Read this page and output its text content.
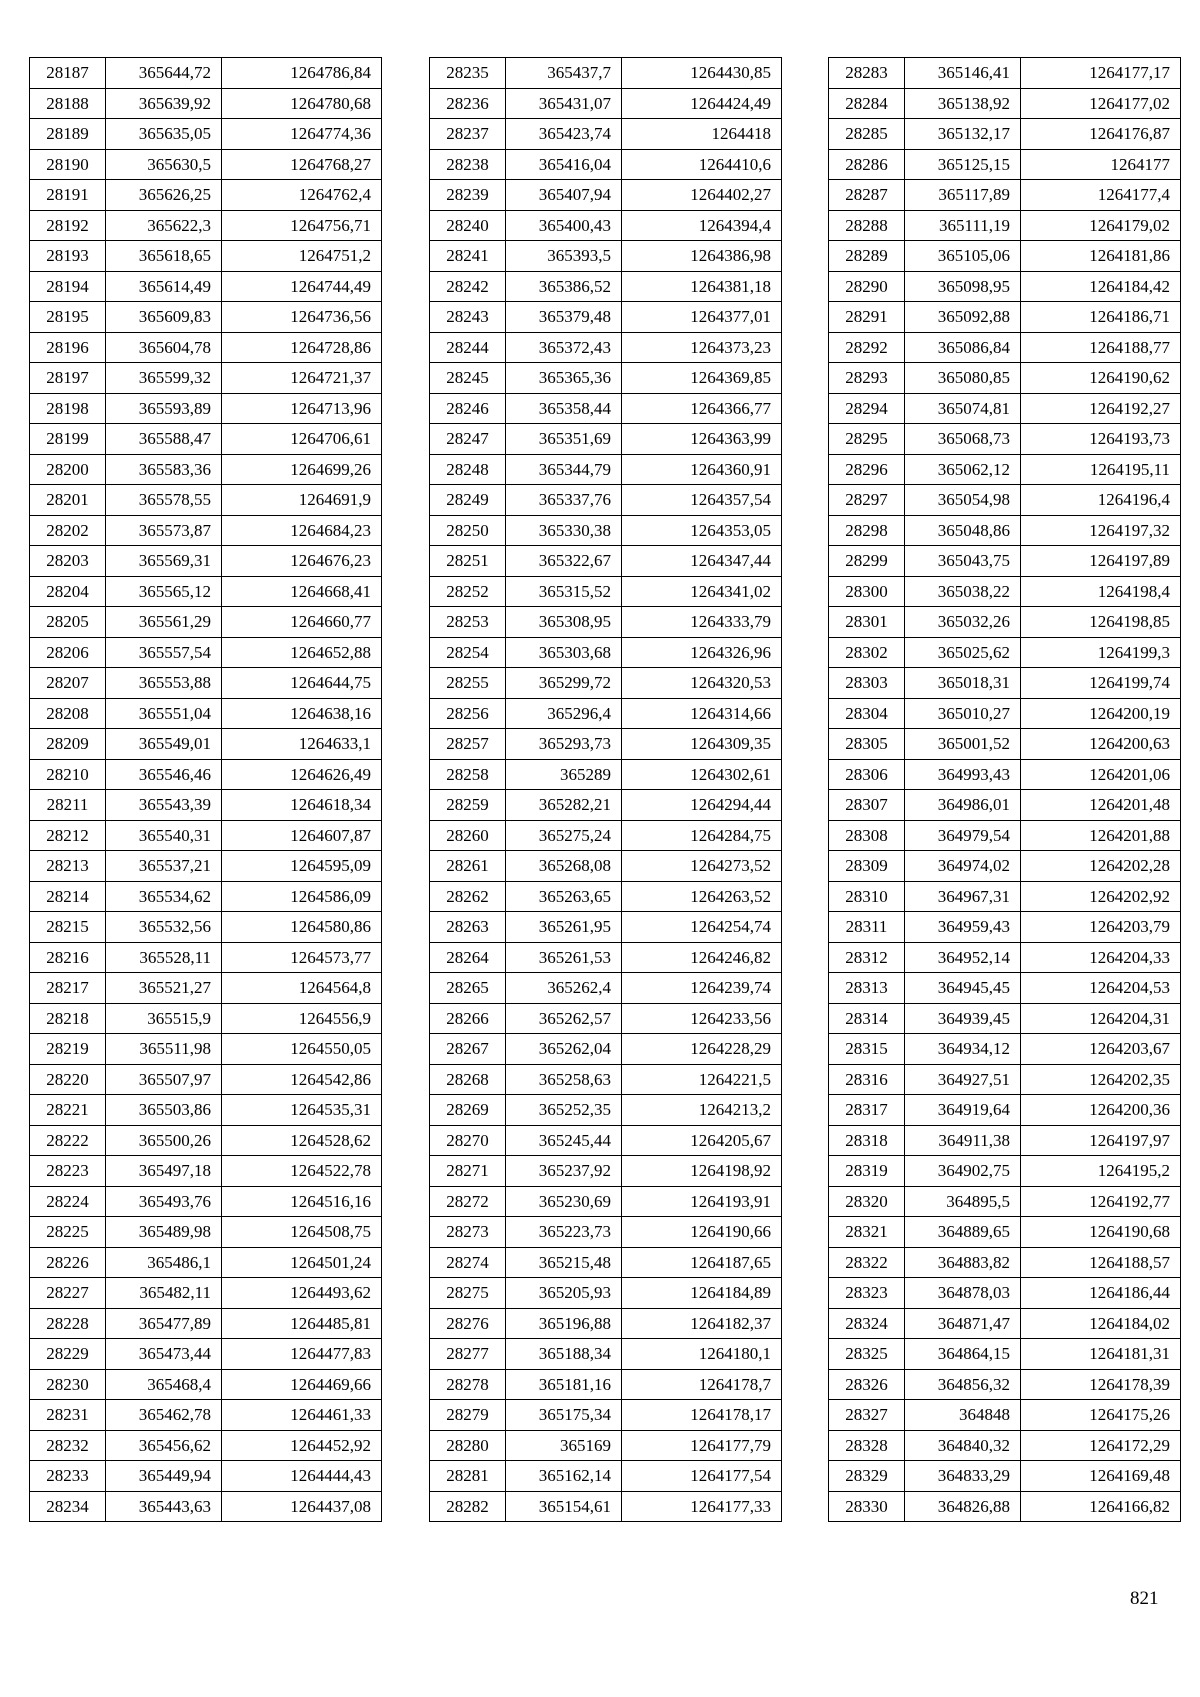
28187	365644,72	1264786,84
28188	365639,92	1264780,68
28189	365635,05	1264774,36
28190	365630,5	1264768,27
28191	365626,25	1264762,4
28192	365622,3	1264756,71
28193	365618,65	1264751,2
28194	365614,49	1264744,49
28195	365609,83	1264736,56
28196	365604,78	1264728,86
28197	365599,32	1264721,37
28198	365593,89	1264713,96
28199	365588,47	1264706,61
28200	365583,36	1264699,26
28201	365578,55	1264691,9
28202	365573,87	1264684,23
28203	365569,31	1264676,23
28204	365565,12	1264668,41
28205	365561,29	1264660,77
28206	365557,54	1264652,88
28207	365553,88	1264644,75
28208	365551,04	1264638,16
28209	365549,01	1264633,1
28210	365546,46	1264626,49
28211	365543,39	1264618,34
28212	365540,31	1264607,87
28213	365537,21	1264595,09
28214	365534,62	1264586,09
28215	365532,56	1264580,86
28216	365528,11	1264573,77
28217	365521,27	1264564,8
28218	365515,9	1264556,9
28219	365511,98	1264550,05
28220	365507,97	1264542,86
28221	365503,86	1264535,31
28222	365500,26	1264528,62
28223	365497,18	1264522,78
28224	365493,76	1264516,16
28225	365489,98	1264508,75
28226	365486,1	1264501,24
28227	365482,11	1264493,62
28228	365477,89	1264485,81
28229	365473,44	1264477,83
28230	365468,4	1264469,66
28231	365462,78	1264461,33
28232	365456,62	1264452,92
28233	365449,94	1264444,43
28234	365443,63	1264437,08
28235	365437,7	1264430,85
28236	365431,07	1264424,49
28237	365423,74	1264418
28238	365416,04	1264410,6
28239	365407,94	1264402,27
28240	365400,43	1264394,4
28241	365393,5	1264386,98
28242	365386,52	1264381,18
28243	365379,48	1264377,01
28244	365372,43	1264373,23
28245	365365,36	1264369,85
28246	365358,44	1264366,77
28247	365351,69	1264363,99
28248	365344,79	1264360,91
28249	365337,76	1264357,54
28250	365330,38	1264353,05
28251	365322,67	1264347,44
28252	365315,52	1264341,02
28253	365308,95	1264333,79
28254	365303,68	1264326,96
28255	365299,72	1264320,53
28256	365296,4	1264314,66
28257	365293,73	1264309,35
28258	365289	1264302,61
28259	365282,21	1264294,44
28260	365275,24	1264284,75
28261	365268,08	1264273,52
28262	365263,65	1264263,52
28263	365261,95	1264254,74
28264	365261,53	1264246,82
28265	365262,4	1264239,74
28266	365262,57	1264233,56
28267	365262,04	1264228,29
28268	365258,63	1264221,5
28269	365252,35	1264213,2
28270	365245,44	1264205,67
28271	365237,92	1264198,92
28272	365230,69	1264193,91
28273	365223,73	1264190,66
28274	365215,48	1264187,65
28275	365205,93	1264184,89
28276	365196,88	1264182,37
28277	365188,34	1264180,1
28278	365181,16	1264178,7
28279	365175,34	1264178,17
28280	365169	1264177,79
28281	365162,14	1264177,54
28282	365154,61	1264177,33
28283	365146,41	1264177,17
28284	365138,92	1264177,02
28285	365132,17	1264176,87
28286	365125,15	1264177
28287	365117,89	1264177,4
28288	365111,19	1264179,02
28289	365105,06	1264181,86
28290	365098,95	1264184,42
28291	365092,88	1264186,71
28292	365086,84	1264188,77
28293	365080,85	1264190,62
28294	365074,81	1264192,27
28295	365068,73	1264193,73
28296	365062,12	1264195,11
28297	365054,98	1264196,4
28298	365048,86	1264197,32
28299	365043,75	1264197,89
28300	365038,22	1264198,4
28301	365032,26	1264198,85
28302	365025,62	1264199,3
28303	365018,31	1264199,74
28304	365010,27	1264200,19
28305	365001,52	1264200,63
28306	364993,43	1264201,06
28307	364986,01	1264201,48
28308	364979,54	1264201,88
28309	364974,02	1264202,28
28310	364967,31	1264202,92
28311	364959,43	1264203,79
28312	364952,14	1264204,33
28313	364945,45	1264204,53
28314	364939,45	1264204,31
28315	364934,12	1264203,67
28316	364927,51	1264202,35
28317	364919,64	1264200,36
28318	364911,38	1264197,97
28319	364902,75	1264195,2
28320	364895,5	1264192,77
28321	364889,65	1264190,68
28322	364883,82	1264188,57
28323	364878,03	1264186,44
28324	364871,47	1264184,02
28325	364864,15	1264181,31
28326	364856,32	1264178,39
28327	364848	1264175,26
28328	364840,32	1264172,29
28329	364833,29	1264169,48
28330	364826,88	1264166,82
821
